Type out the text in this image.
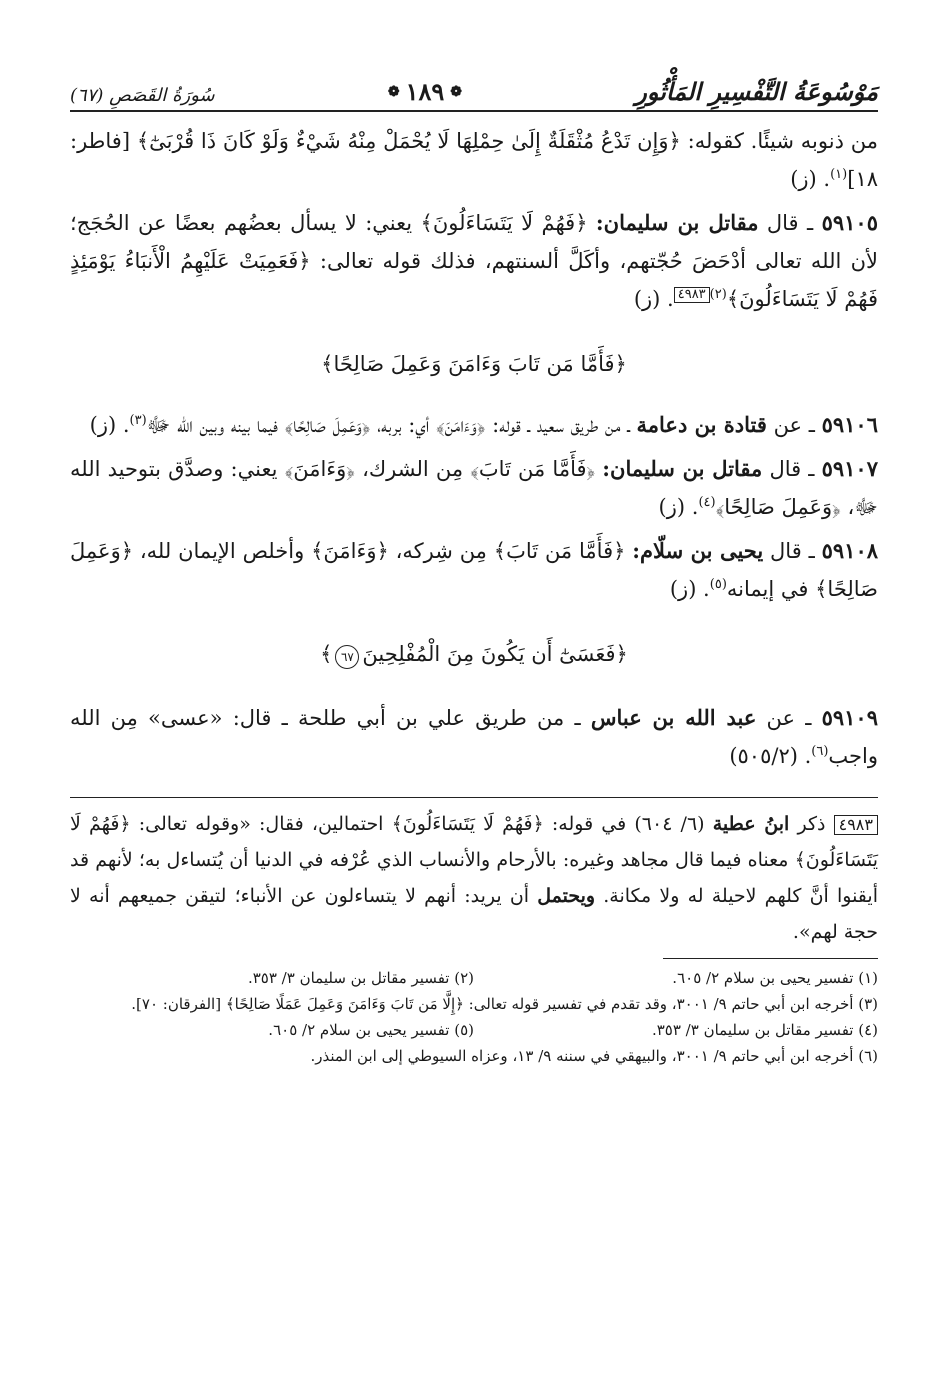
مَوْسُوعَةُ التَّفْسِيرِ المَأْثُورِ
❁
١٨٩
❁
سُورَةُ القَصَصِ (٦٧)

من ذنوبه شيئًا. كقوله: ﴿وَإِن تَدْعُ مُثْقَلَةٌ إِلَىٰ حِمْلِهَا لَا يُحْمَلْ مِنْهُ شَيْءٌ وَلَوْ كَانَ ذَا قُرْبَىٰٓ﴾ [فاطر: ١٨]$^{(١)}$. (ز)

٥٩١٠٥ ـ قال مقاتل بن سليمان: ﴿فَهُمْ لَا يَتَسَاءَلُونَ﴾ يعني: لا يسأل بعضُهم بعضًا عن الحُجَج؛ لأن الله تعالى أدْحَضَ حُجّتهم، وأكَلَّ ألسنتهم، فذلك قوله تعالى: ﴿فَعَمِيَتْ عَلَيْهِمُ الْأَنبَاءُ يَوْمَئِذٍ فَهُمْ لَا يَتَسَاءَلُونَ﴾$^{(٢)}$٤٩٨٣. (ز)

﴿فَأَمَّا مَن تَابَ وَءَامَنَ وَعَمِلَ صَالِحًا﴾

٥٩١٠٦ ـ عن قتادة بن دعامة ـ من طريق سعيد ـ قوله: ﴿وَءَامَنَ﴾ أي: بربه، ﴿وَعَمِلَ صَالِحًا﴾ فيما بينه وبين الله ﷻ$^{(٣)}$. (ز)

٥٩١٠٧ ـ قال مقاتل بن سليمان: ﴿فَأَمَّا مَن تَابَ﴾ مِن الشرك، ﴿وَءَامَنَ﴾ يعني: وصدَّق بتوحيد الله ﷻ، ﴿وَعَمِلَ صَالِحًا﴾$^{(٤)}$. (ز)

٥٩١٠٨ ـ قال يحيى بن سلّام: ﴿فَأَمَّا مَن تَابَ﴾ مِن شِركه، ﴿وَءَامَنَ﴾ وأخلص الإيمان لله، ﴿وَعَمِلَ صَالِحًا﴾ في إيمانه$^{(٥)}$. (ز)

﴿فَعَسَىٰٓ أَن يَكُونَ مِنَ الْمُفْلِحِينَ٦٧﴾

٥٩١٠٩ ـ عن عبد الله بن عباس ـ من طريق علي بن أبي طلحة ـ قال: «عسى» مِن الله واجب$^{(٦)}$. (٥٠٥/٢)

٤٩٨٣ ذكر ابنُ عطية (٦/ ٦٠٤) في قوله: ﴿فَهُمْ لَا يَتَسَاءَلُونَ﴾ احتمالين، فقال: «وقوله تعالى: ﴿فَهُمْ لَا يَتَسَاءَلُونَ﴾ معناه فيما قال مجاهد وغيره: بالأرحام والأنساب الذي عُرْفه في الدنيا أن يُتساءل به؛ لأنهم قد أيقنوا أنَّ كلهم لاحيلة له ولا مكانة. ويحتمل أن يريد: أنهم لا يتساءلون عن الأنباء؛ لتيقن جميعهم أنه لا حجة لهم».

(١) تفسير يحيى بن سلام ٢/ ٦٠٥.
(٢) تفسير مقاتل بن سليمان ٣/ ٣٥٣.
(٣) أخرجه ابن أبي حاتم ٩/ ٣٠٠١، وقد تقدم في تفسير قوله تعالى: ﴿إِلَّا مَن تَابَ وَءَامَنَ وَعَمِلَ عَمَلًا صَالِحًا﴾ [الفرقان: ٧٠].
(٤) تفسير مقاتل بن سليمان ٣/ ٣٥٣.
(٥) تفسير يحيى بن سلام ٢/ ٦٠٥.
(٦) أخرجه ابن أبي حاتم ٩/ ٣٠٠١، والبيهقي في سننه ٩/ ١٣، وعزاه السيوطي إلى ابن المنذر.
